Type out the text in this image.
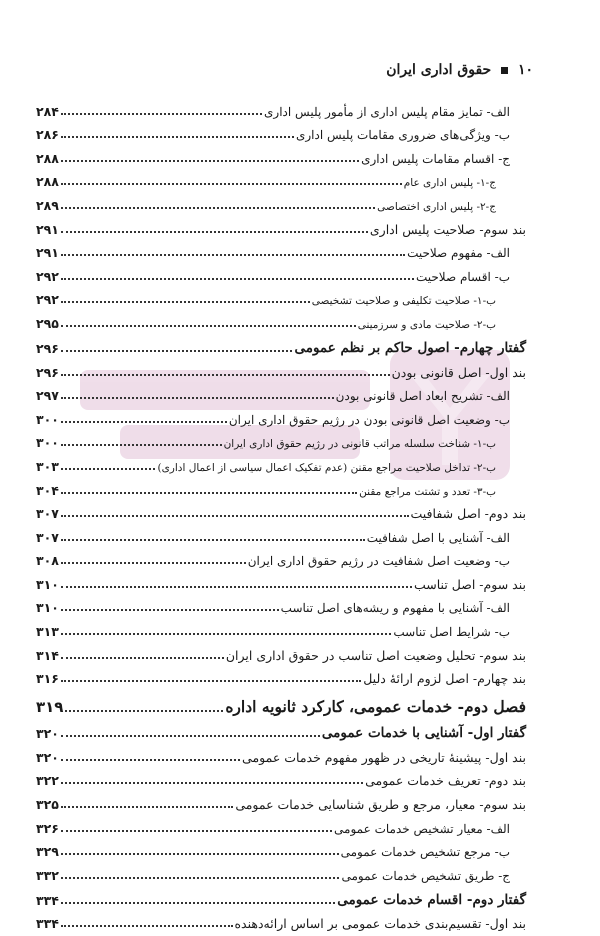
۱۰  حقوق اداری ایران
الف- تمایز مقام پلیس اداری از مأمور پلیس اداری
۲۸۴
ب- ویژگی‌های ضروری مقامات پلیس اداری
۲۸۶
ج- اقسام مقامات پلیس اداری
۲۸۸
ج-۱- پلیس اداری عام
۲۸۸
ج-۲- پلیس اداری اختصاصی
۲۸۹
بند سوم- صلاحیت پلیس اداری
۲۹۱
الف- مفهوم صلاحیت
۲۹۱
ب- اقسام صلاحیت
۲۹۲
ب-۱- صلاحیت تکلیفی و صلاحیت تشخیصی
۲۹۲
ب-۲- صلاحیت مادی و سرزمینی
۲۹۵
گفتار چهارم- اصول حاکم بر نظم عمومی
۲۹۶
بند اول- اصل قانونی بودن
۲۹۶
الف- تشریح ابعاد اصل قانونی بودن
۲۹۷
ب- وضعیت اصل قانونی بودن در رژیم حقوق اداری ایران
۳۰۰
ب-۱- شناخت سلسله مراتب قانونی در رژیم حقوق اداری ایران
۳۰۰
ب-۲- تداخل صلاحیت مراجع مقنن (عدم تفکیک اعمال سیاسی از اعمال اداری)
۳۰۳
ب-۳- تعدد و تشتت مراجع مقنن
۳۰۴
بند دوم- اصل شفافیت
۳۰۷
الف- آشنایی با اصل شفافیت
۳۰۷
ب- وضعیت اصل شفافیت در رژیم حقوق اداری ایران
۳۰۸
بند سوم- اصل تناسب
۳۱۰
الف- آشنایی با مفهوم و ریشه‌های اصل تناسب
۳۱۰
ب- شرایط اصل تناسب
۳۱۳
بند سوم- تحلیل وضعیت اصل تناسب در حقوق اداری ایران
۳۱۴
بند چهارم- اصل لزوم ارائهٔ دلیل
۳۱۶
فصل دوم- خدمات عمومی، کارکرد ثانویه اداره
۳۱۹
گفتار اول- آشنایی با خدمات عمومی
۳۲۰
بند اول- پیشینهٔ تاریخی در ظهور مفهوم خدمات عمومی
۳۲۰
بند دوم- تعریف خدمات عمومی
۳۲۲
بند سوم- معیار، مرجع و طریق شناسایی خدمات عمومی
۳۲۵
الف- معیار تشخیص خدمات عمومی
۳۲۶
ب- مرجع تشخیص خدمات عمومی
۳۲۹
ج- طریق تشخیص خدمات عمومی
۳۳۲
گفتار دوم- اقسام خدمات عمومی
۳۳۴
بند اول- تقسیم‌بندی خدمات عمومی بر اساس ارائه‌دهنده
۳۳۴
